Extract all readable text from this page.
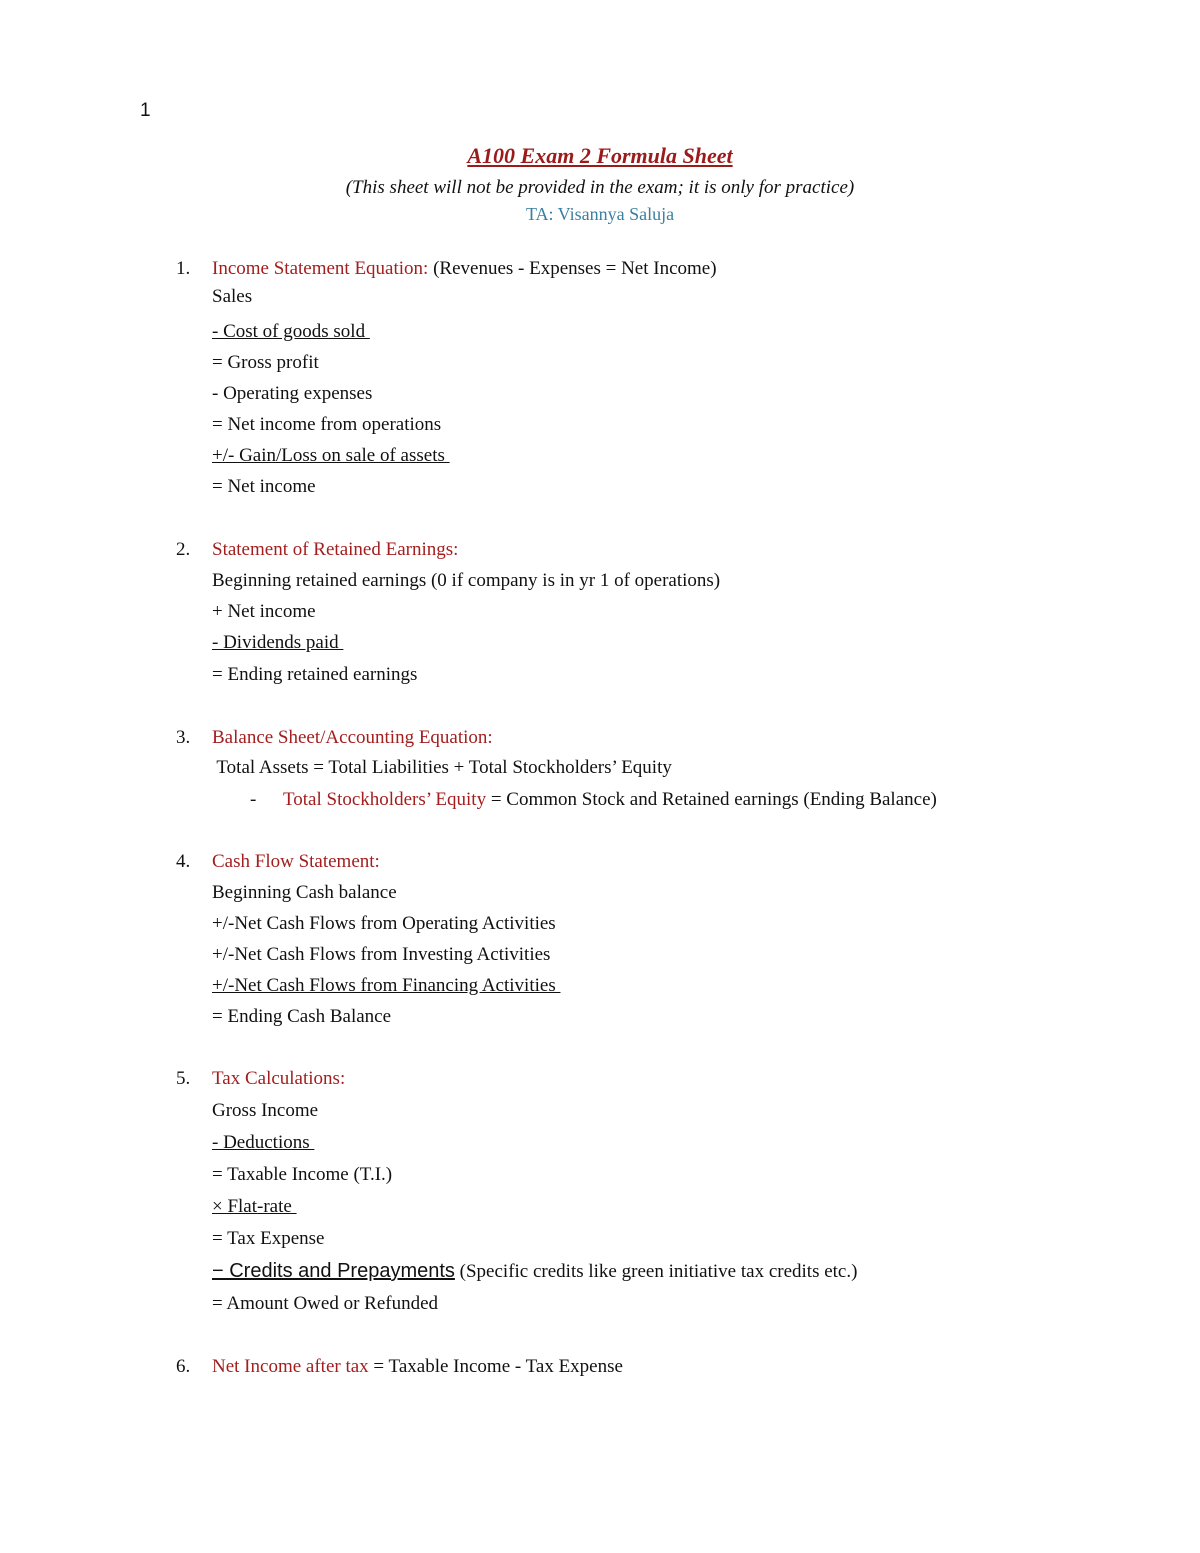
1
A100 Exam 2 Formula Sheet
(This sheet will not be provided in the exam; it is only for practice)
TA: Visannya Saluja
1. Income Statement Equation: (Revenues - Expenses = Net Income)
Sales
- Cost of goods sold
= Gross profit
- Operating expenses
= Net income from operations
+/- Gain/Loss on sale of assets
= Net income
2. Statement of Retained Earnings:
Beginning retained earnings (0 if company is in yr 1 of operations)
+ Net income
- Dividends paid
= Ending retained earnings
3. Balance Sheet/Accounting Equation:
Total Assets = Total Liabilities + Total Stockholders’ Equity
- Total Stockholders’ Equity = Common Stock and Retained earnings (Ending Balance)
4. Cash Flow Statement:
Beginning Cash balance
+/-Net Cash Flows from Operating Activities
+/-Net Cash Flows from Investing Activities
+/-Net Cash Flows from Financing Activities
= Ending Cash Balance
5. Tax Calculations:
Gross Income
- Deductions
= Taxable Income (T.I.)
× Flat-rate
= Tax Expense
− Credits and Prepayments (Specific credits like green initiative tax credits etc.)
= Amount Owed or Refunded
6. Net Income after tax = Taxable Income - Tax Expense
